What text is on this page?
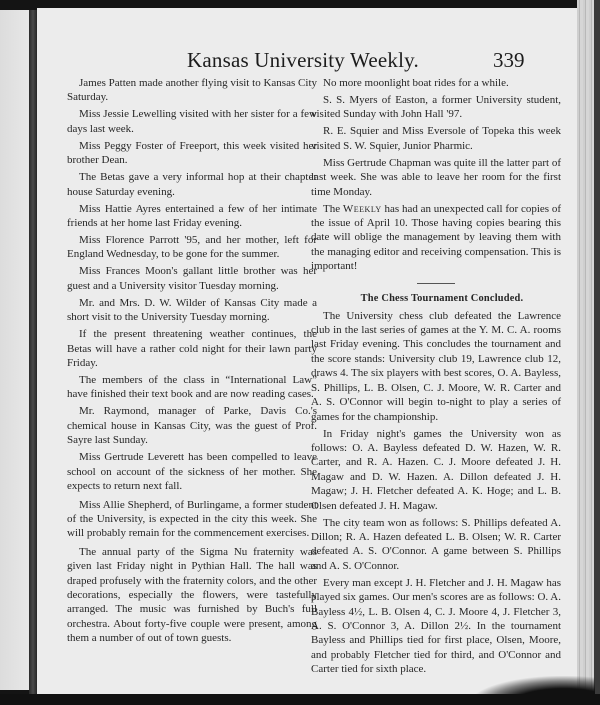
Kansas University Weekly.	339

James Patten made another flying visit to Kansas City Saturday.

Miss Jessie Lewelling visited with her sister for a few days last week.

Miss Peggy Foster of Freeport, this week visited her brother Dean.

The Betas gave a very informal hop at their chapter house Saturday evening.

Miss Hattie Ayres entertained a few of her intimate friends at her home last Friday evening.

Miss Florence Parrott '95, and her mother, left for England Wednesday, to be gone for the summer.

Miss Frances Moon's gallant little brother was her guest and a University visitor Tuesday morning.

Mr. and Mrs. D. W. Wilder of Kansas City made a short visit to the University Tuesday morning.

If the present threatening weather continues, the Betas will have a rather cold night for their lawn party Friday.

The members of the class in “International Law” have finished their text book and are now reading cases.

Mr. Raymond, manager of Parke, Davis Co.'s chemical house in Kansas City, was the guest of Prof. Sayre last Sunday.

Miss Gertrude Leverett has been compelled to leave school on account of the sickness of her mother. She expects to return next fall.

Miss Allie Shepherd, of Burlingame, a former student of the University, is expected in the city this week. She will probably remain for the commencement exercises.

The annual party of the Sigma Nu fraternity was given last Friday night in Pythian Hall. The hall was draped profusely with the fraternity colors, and the other decorations, especially the flowers, were tastefully arranged. The music was furnished by Buch's full orchestra. About forty-five couple were present, among them a number of out of town guests.

No more moonlight boat rides for a while.

S. S. Myers of Easton, a former University student, visited Sunday with John Hall '97.

R. E. Squier and Miss Eversole of Topeka this week visited S. W. Squier, Junior Pharmic.

Miss Gertrude Chapman was quite ill the latter part of last week. She was able to leave her room for the first time Monday.

The Weekly has had an unexpected call for copies of the issue of April 10. Those having copies bearing this date will oblige the management by leaving them with the managing editor and receiving compensation. This is important!

The Chess Tournament Concluded.

The University chess club defeated the Lawrence club in the last series of games at the Y. M. C. A. rooms last Friday evening. This concludes the tournament and the score stands: University club 19, Lawrence club 12, draws 4. The six players with best scores, O. A. Bayless, S. Phillips, L. B. Olsen, C. J. Moore, W. R. Carter and A. S. O'Connor will begin to-night to play a series of games for the championship.

In Friday night's games the University won as follows: O. A. Bayless defeated D. W. Hazen, W. R. Carter, and R. A. Hazen. C. J. Moore defeated J. H. Magaw and D. W. Hazen. A. Dillon defeated J. H. Magaw; J. H. Fletcher defeated A. K. Hoge; and L. B. Olsen defeated J. H. Magaw.

The city team won as follows: S. Phillips defeated A. Dillon; R. A. Hazen defeated L. B. Olsen; W. R. Carter defeated A. S. O'Connor. A game between S. Phillips and A. S. O'Connor.

Every man except J. H. Fletcher and J. H. Magaw has played six games. Our men's scores are as follows: O. A. Bayless 4½, L. B. Olsen 4, C. J. Moore 4, J. Fletcher 3, A. S. O'Connor 3, A. Dillon 2½. In the tournament Bayless and Phillips tied for first place, Olsen, Moore, and probably Fletcher tied for third, and O'Connor and Carter tied for sixth place.
